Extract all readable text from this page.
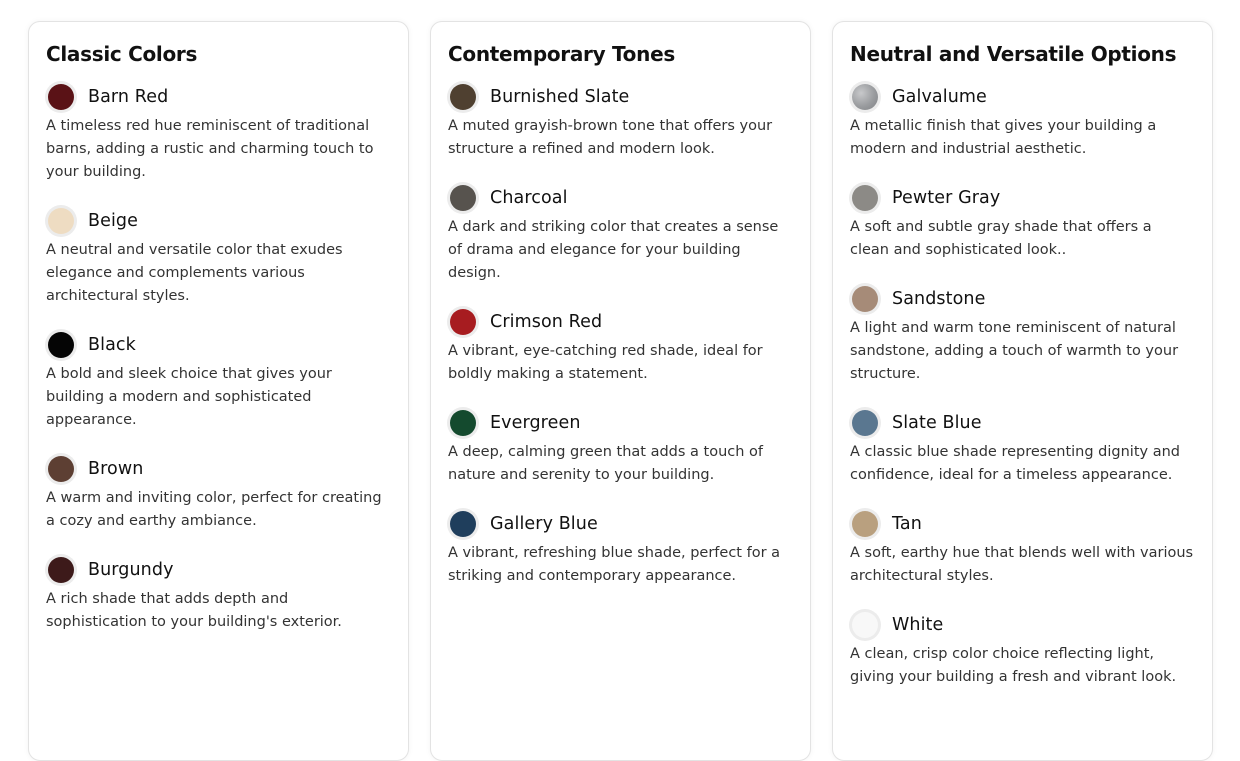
Classic Colors
Barn Red

A timeless red hue reminiscent of traditional barns, adding a rustic and charming touch to your building.

Beige

A neutral and versatile color that exudes elegance and complements various architectural styles.

Black

A bold and sleek choice that gives your building a modern and sophisticated appearance.

Brown

A warm and inviting color, perfect for creating a cozy and earthy ambiance.

Burgundy

A rich shade that adds depth and sophistication to your building's exterior.

Contemporary Tones
Burnished Slate

A muted grayish-brown tone that offers your structure a refined and modern look.

Charcoal

A dark and striking color that creates a sense of drama and elegance for your building design.

Crimson Red

A vibrant, eye-catching red shade, ideal for boldly making a statement.

Evergreen

A deep, calming green that adds a touch of nature and serenity to your building.

Gallery Blue

A vibrant, refreshing blue shade, perfect for a striking and contemporary appearance.

Neutral and Versatile Options
Galvalume

A metallic finish that gives your building a modern and industrial aesthetic.

Pewter Gray

A soft and subtle gray shade that offers a clean and sophisticated look..

Sandstone

A light and warm tone reminiscent of natural sandstone, adding a touch of warmth to your structure.

Slate Blue

A classic blue shade representing dignity and confidence, ideal for a timeless appearance.

Tan

A soft, earthy hue that blends well with various architectural styles.

White

A clean, crisp color choice reflecting light, giving your building a fresh and vibrant look.
